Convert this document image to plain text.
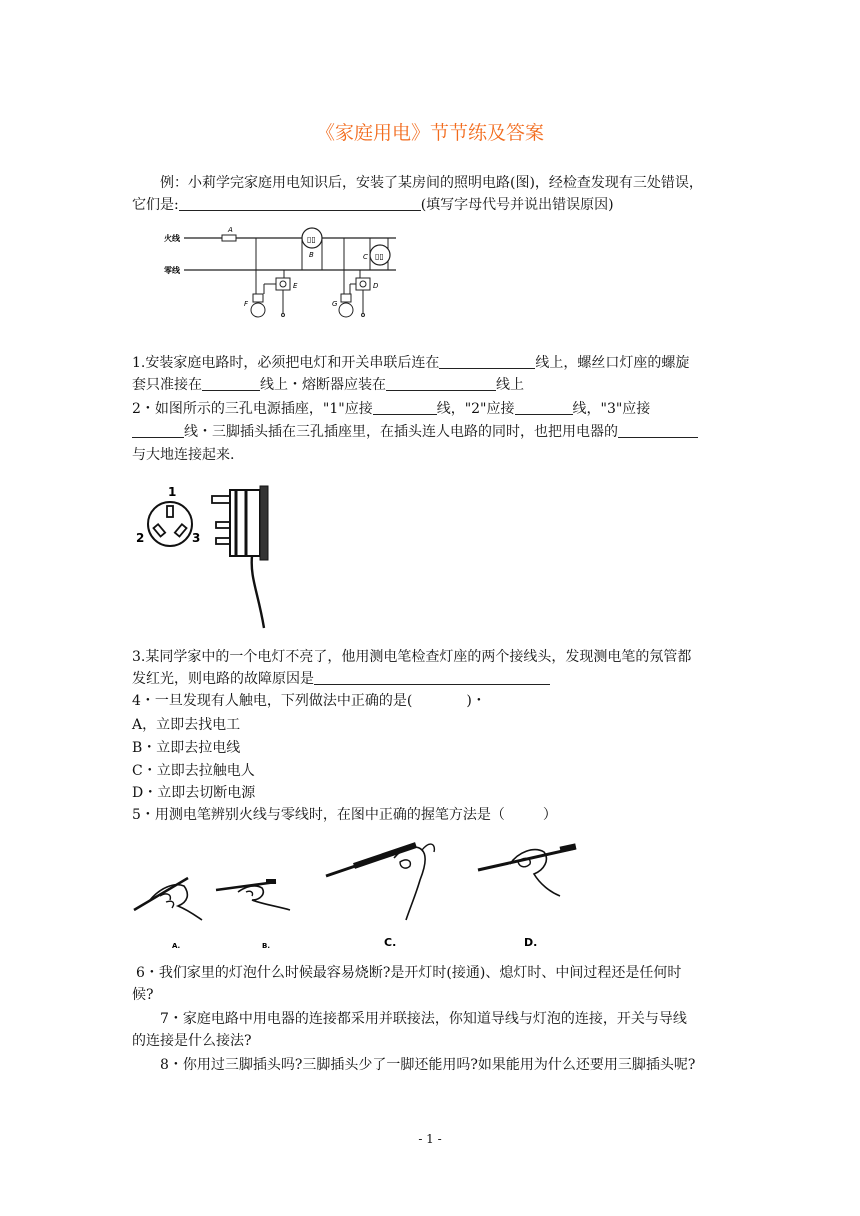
《家庭用电》节节练及答案
例：小莉学完家庭用电知识后，安装了某房间的照明电路(图)，经检查发现有三处错误，
它们是:	(填写字母代号并说出错误原因)
火线
零线
A
▯▯
B	▯▯
C
E
F
D
G
1.安装家庭电路时，必须把电灯和开关串联后连在	线上，螺丝口灯座的螺旋
套只准接在	线上・熔断器应装在	线上
2・如图所示的三孔电源插座，"1"应接	线，"2"应接	线，"3"应接
线・三脚插头插在三孔插座里，在插头连人电路的同时，也把用电器的
与大地连接起来.
1
2	3
3.某同学家中的一个电灯不亮了，他用测电笔检查灯座的两个接线头，发现测电笔的氖管都
发红光，则电路的故障原因是
4・一旦发现有人触电，下列做法中正确的是(	)・
A，立即去找电工
B・立即去拉电线
C・立即去拉触电人
D・立即去切断电源
5・用测电笔辨别火线与零线时，在图中正确的握笔方法是（	）
A.	B.	C.	D.
6・我们家里的灯泡什么时候最容易烧断?是开灯时(接通)、熄灯时、中间过程还是任何时
候?
7・家庭电路中用电器的连接都采用并联接法，你知道导线与灯泡的连接，开关与导线
的连接是什么接法?
8・你用过三脚插头吗?三脚插头少了一脚还能用吗?如果能用为什么还要用三脚插头呢?
- 1 -
